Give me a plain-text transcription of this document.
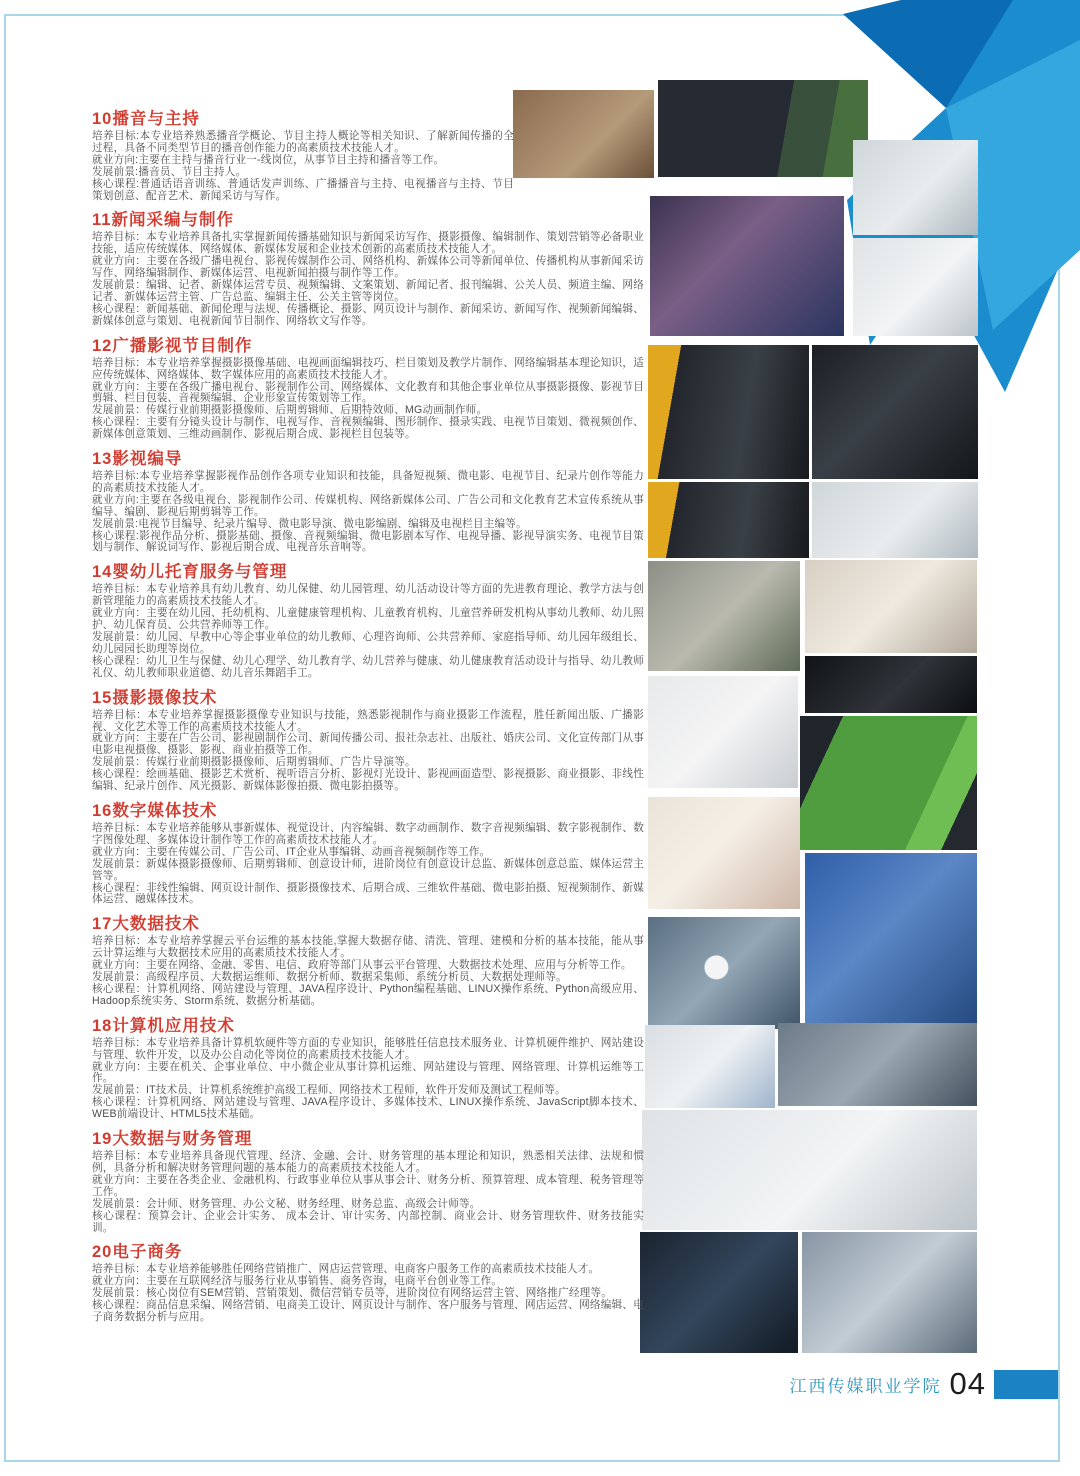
10播音与主持

培养目标:本专业培养熟悉播音学概论、节目主持人概论等相关知识、了解新闻传播的全过程，具备不同类型节目的播音创作能力的高素质技术技能人才。

就业方向:主要在主持与播音行业一-线岗位，从事节目主持和播音等工作。

发展前景:播音员、节目主持人。

核心课程:普通话语音训练、普通话发声训练、广播播音与主持、电视播音与主持、节目策划创意、配音艺术、新闻采访与写作。

11新闻采编与制作

培养目标：本专业培养具备扎实掌握新闻传播基础知识与新闻采访写作、摄影摄像、编辑制作、策划营销等必备职业技能，适应传统媒体、网络媒体、新媒体发展和企业技术创新的高素质技术技能人才。

就业方向：主要在各级广播电视台、影视传媒制作公司、网络机构、新媒体公司等新闻单位、传播机构从事新闻采访写作、网络编辑制作、新媒体运营、电视新闻拍摄与制作等工作。

发展前景：编辑、记者、新媒体运营专员、视频编辑、文案策划、新闻记者、报刊编辑、公关人员、频道主编、网络记者、新媒体运营主管、广告总监、编辑主任、公关主管等岗位。

核心课程：新闻基础、新闻伦理与法规、传播概论、摄影、网页设计与制作、新闻采访、新闻写作、视频新闻编辑、新媒体创意与策划、电视新闻节目制作、网络软文写作等。

12广播影视节目制作

培养目标：本专业培养掌握摄影摄像基础、电视画面编辑技巧、栏目策划及教学片制作、网络编辑基本理论知识，适应传统媒体、网络媒体、数字媒体应用的高素质技术技能人才。

就业方向：主要在各级广播电视台、影视制作公司、网络媒体、文化教育和其他企事业单位从事摄影摄像、影视节目剪辑、栏目包装、音视频编辑、企业形象宣传策划等工作。

发展前景：传媒行业前期摄影摄像师、后期剪辑师、后期特效师、MG动画制作师。

核心课程：主要有分镜头设计与制作、电视写作、音视频编辑、图形制作、摄录实践、电视节目策划、微视频创作、新媒体创意策划、三维动画制作、影视后期合成、影视栏目包装等。

13影视编导

培养目标:本专业培养掌握影视作品创作各项专业知识和技能，具备短视频、微电影、电视节目、纪录片创作等能力的高素质技术技能人才。

就业方向:主要在各级电视台、影视制作公司、传媒机构、网络新媒体公司、广告公司和文化教育艺术宣传系统从事编导、编剧、影视后期剪辑等工作。

发展前景:电视节目编导、纪录片编导、微电影导演、微电影编剧、编辑及电视栏目主编等。

核心课程:影视作品分析、摄影基础、摄像、音视频编辑、微电影剧本写作、电视导播、影视导演实务、电视节目策划与制作、解说词写作、影视后期合成、电视音乐音响等。

14婴幼儿托育服务与管理

培养目标：本专业培养具有幼儿教育、幼儿保健、幼儿园管理、幼儿活动设计等方面的先进教育理论、教学方法与创新管理能力的高素质技术技能人才。

就业方向：主要在幼儿园、托幼机构、儿童健康管理机构、儿童教育机构、儿童营养研发机构从事幼儿教师、幼儿照护、幼儿保育员、公共营养师等工作。

发展前景：幼儿园、早教中心等企事业单位的幼儿教师、心理咨询师、公共营养师、家庭指导师、幼儿园年级组长、幼儿园园长助理等岗位。

核心课程：幼儿卫生与保健、幼儿心理学、幼儿教育学、幼儿营养与健康、幼儿健康教育活动设计与指导、幼儿教师礼仪、幼儿教师职业道德、幼儿音乐舞蹈手工。

15摄影摄像技术

培养目标：本专业培养掌握摄影摄像专业知识与技能，熟悉影视制作与商业摄影工作流程，胜任新闻出版、广播影视、文化艺术等工作的高素质技术技能人才。

就业方向：主要在广告公司、影视剧制作公司、新闻传播公司、报社杂志社、出版社、婚庆公司、文化宣传部门从事电影电视摄像、摄影、影视、商业拍摄等工作。

发展前景：传媒行业前期摄影摄像师、后期剪辑师、广告片导演等。

核心课程：绘画基础、摄影艺术赏析、视听语言分析、影视灯光设计、影视画面造型、影视摄影、商业摄影、非线性编辑、纪录片创作、风光摄影、新媒体影像拍摄、微电影拍摄等。

16数字媒体技术

培养目标：本专业培养能够从事新媒体、视觉设计、内容编辑、数字动画制作、数字音视频编辑、数字影视制作、数字图像处理、多媒体设计制作等工作的高素质技术技能人才。

就业方向：主要在传媒公司、广告公司、IT企业从事编辑、动画音视频制作等工作。

发展前景：新媒体摄影摄像师、后期剪辑师、创意设计师，进阶岗位有创意设计总监、新媒体创意总监、媒体运营主管等。

核心课程：非线性编辑、网页设计制作、摄影摄像技术、后期合成、三维软件基础、微电影拍摄、短视频制作、新媒体运营、融媒体技术。

17大数据技术

培养目标：本专业培养掌握云平台运维的基本技能,掌握大数据存储、清洗、管理、建模和分析的基本技能，能从事云计算运维与大数据技术应用的高素质技术技能人才。

就业方向：主要在网络、金融、零售、电信、政府等部门从事云平台管理、大数据技术处理、应用与分析等工作。

发展前景：高级程序员、大数据运维师、数据分析师、数据采集师、系统分析员、大数据处理师等。

核心课程：计算机网络、网站建设与管理、JAVA程序设计、Python编程基础、LINUX操作系统、Python高级应用、Hadoop系统实务、Storm系统、数据分析基础。

18计算机应用技术

培养目标：本专业培养具备计算机软硬件等方面的专业知识，能够胜任信息技术服务业、计算机硬件维护、网站建设与管理、软件开发，以及办公自动化等岗位的高素质技术技能人才。

就业方向：主要在机关、企事业单位、中小微企业从事计算机运维、网站建设与管理、网络管理、计算机运维等工作。

发展前景：IT技术员、计算机系统维护高级工程师、网络技术工程师，软件开发师及测试工程师等。

核心课程：计算机网络、网站建设与管理、JAVA程序设计、多媒体技术、LINUX操作系统、JavaScript脚本技术、WEB前端设计、HTML5技术基础。

19大数据与财务管理

培养目标：本专业培养具备现代管理、经济、金融、会计、财务管理的基本理论和知识，熟悉相关法律、法规和惯例，具备分析和解决财务管理问题的基本能力的高素质技术技能人才。

就业方向：主要在各类企业、金融机构、行政事业单位从事从事会计、财务分析、预算管理、成本管理、税务管理等工作。

发展前景：会计师、财务管理、办公文秘、财务经理、财务总监、高级会计师等。

核心课程：预算会计、企业会计实务、 成本会计、审计实务、内部控制、商业会计、财务管理软件、财务技能实训。

20电子商务

培养目标：本专业培养能够胜任网络营销推广、网店运营管理、电商客户服务工作的高素质技术技能人才。

就业方向：主要在互联网经济与服务行业从事销售、商务咨询，电商平台创业等工作。

发展前景：核心岗位有SEM营销、营销策划、微信营销专员等，进阶岗位有网络运营主管、网络推广经理等。

核心课程：商品信息采编、网络营销、电商美工设计、网页设计与制作、客户服务与管理、网店运营、网络编辑、电子商务数据分析与应用。

江西传媒职业学院 04
